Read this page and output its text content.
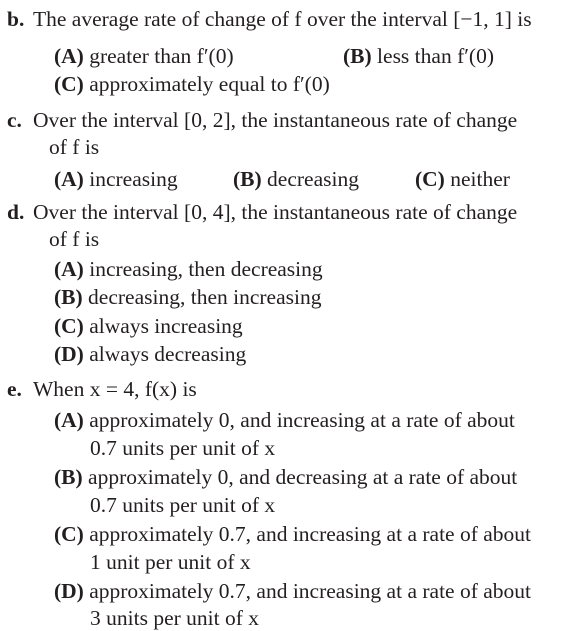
b. The average rate of change of f over the interval [−1, 1] is
(A) greater than f′(0)	(B) less than f′(0)
(C) approximately equal to f′(0)
c. Over the interval [0, 2], the instantaneous rate of change
of f is
(A) increasing	(B) decreasing	(C) neither
d. Over the interval [0, 4], the instantaneous rate of change
of f is
(A) increasing, then decreasing
(B) decreasing, then increasing
(C) always increasing
(D) always decreasing
e. When x = 4, f(x) is
(A) approximately 0, and increasing at a rate of about
0.7 units per unit of x
(B) approximately 0, and decreasing at a rate of about
0.7 units per unit of x
(C) approximately 0.7, and increasing at a rate of about
1 unit per unit of x
(D) approximately 0.7, and increasing at a rate of about
3 units per unit of x
